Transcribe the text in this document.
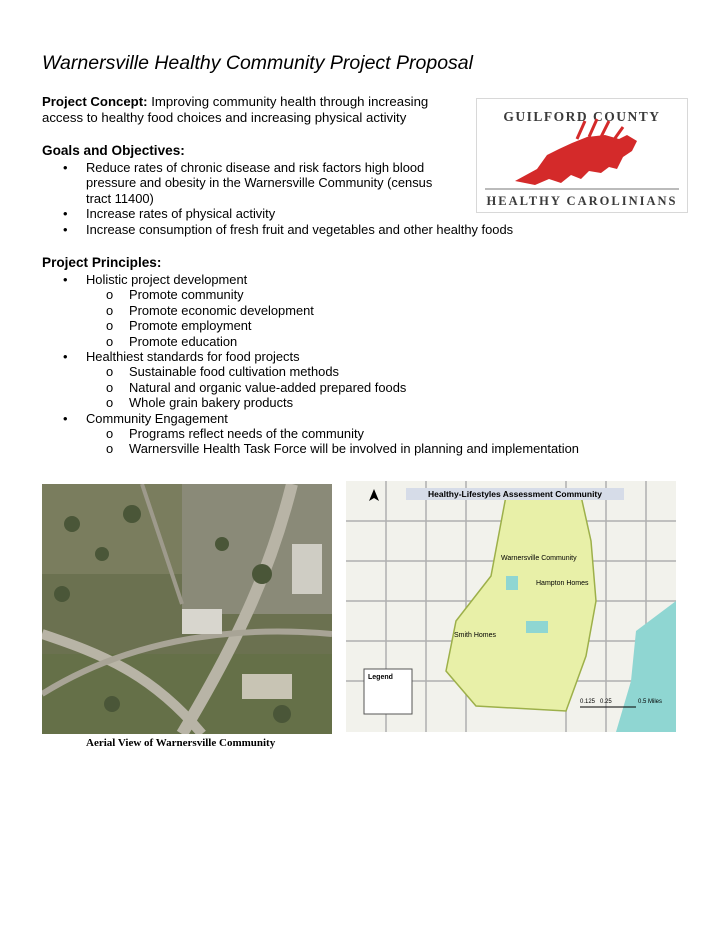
Warnersville Healthy Community Project Proposal
Project Concept: Improving community health through increasing access to healthy food choices and increasing physical activity	GUILFORD COUNTY
HEALTHY CAROLINIANS
Goals and Objectives:
• Reduce rates of chronic disease and risk factors high blood pressure and obesity in the Warnersville Community (census tract 11400)
• Increase rates of physical activity
• Increase consumption of fresh fruit and vegetables and other healthy foods
Project Principles:
• Holistic project development
o Promote community
o Promote economic development
o Promote employment
o Promote education
• Healthiest standards for food projects
o Sustainable food cultivation methods
o Natural and organic value-added prepared foods
o Whole grain bakery products
• Community Engagement
o Programs reflect needs of the community
o Warnersville Health Task Force will be involved in planning and implementation
Legend
Healthy-Lifestyles Assessment Community
Warnersville Community
Hampton Homes
Smith Homes
0.125 0.25	0.5 Miles
Aerial View of Warnersville Community
